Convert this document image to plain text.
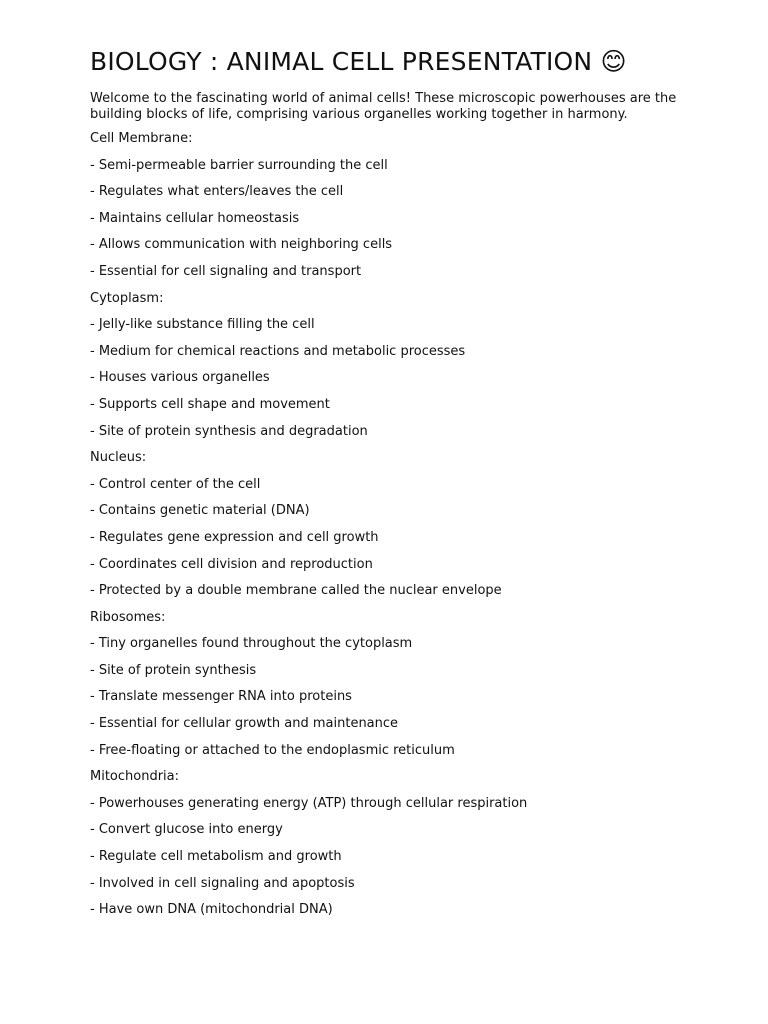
BIOLOGY : ANIMAL CELL PRESENTATION 😊

Welcome to the fascinating world of animal cells! These microscopic powerhouses are the building blocks of life, comprising various organelles working together in harmony.

Cell Membrane:
- Semi-permeable barrier surrounding the cell
- Regulates what enters/leaves the cell
- Maintains cellular homeostasis
- Allows communication with neighboring cells
- Essential for cell signaling and transport
Cytoplasm:
- Jelly-like substance filling the cell
- Medium for chemical reactions and metabolic processes
- Houses various organelles
- Supports cell shape and movement
- Site of protein synthesis and degradation
Nucleus:
- Control center of the cell
- Contains genetic material (DNA)
- Regulates gene expression and cell growth
- Coordinates cell division and reproduction
- Protected by a double membrane called the nuclear envelope
Ribosomes:
- Tiny organelles found throughout the cytoplasm
- Site of protein synthesis
- Translate messenger RNA into proteins
- Essential for cellular growth and maintenance
- Free-floating or attached to the endoplasmic reticulum
Mitochondria:
- Powerhouses generating energy (ATP) through cellular respiration
- Convert glucose into energy
- Regulate cell metabolism and growth
- Involved in cell signaling and apoptosis
- Have own DNA (mitochondrial DNA)
